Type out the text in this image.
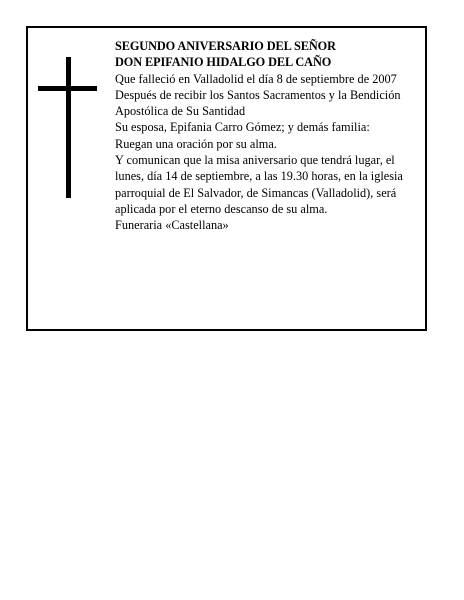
SEGUNDO ANIVERSARIO DEL SEÑOR

DON EPIFANIO HIDALGO DEL CAÑO

Que falleció en Valladolid el día 8 de septiembre de 2007

Después de recibir los Santos Sacramentos y la Bendición Apostólica de Su Santidad

Su esposa, Epifania Carro Gómez; y demás familia:

Ruegan una oración por su alma.

Y comunican que la misa aniversario que tendrá lugar, el lunes, día 14 de septiembre, a las 19.30 horas, en la iglesia parroquial de El Salvador, de Simancas (Valladolid), será aplicada por el eterno descanso de su alma.

Funeraria «Castellana»
